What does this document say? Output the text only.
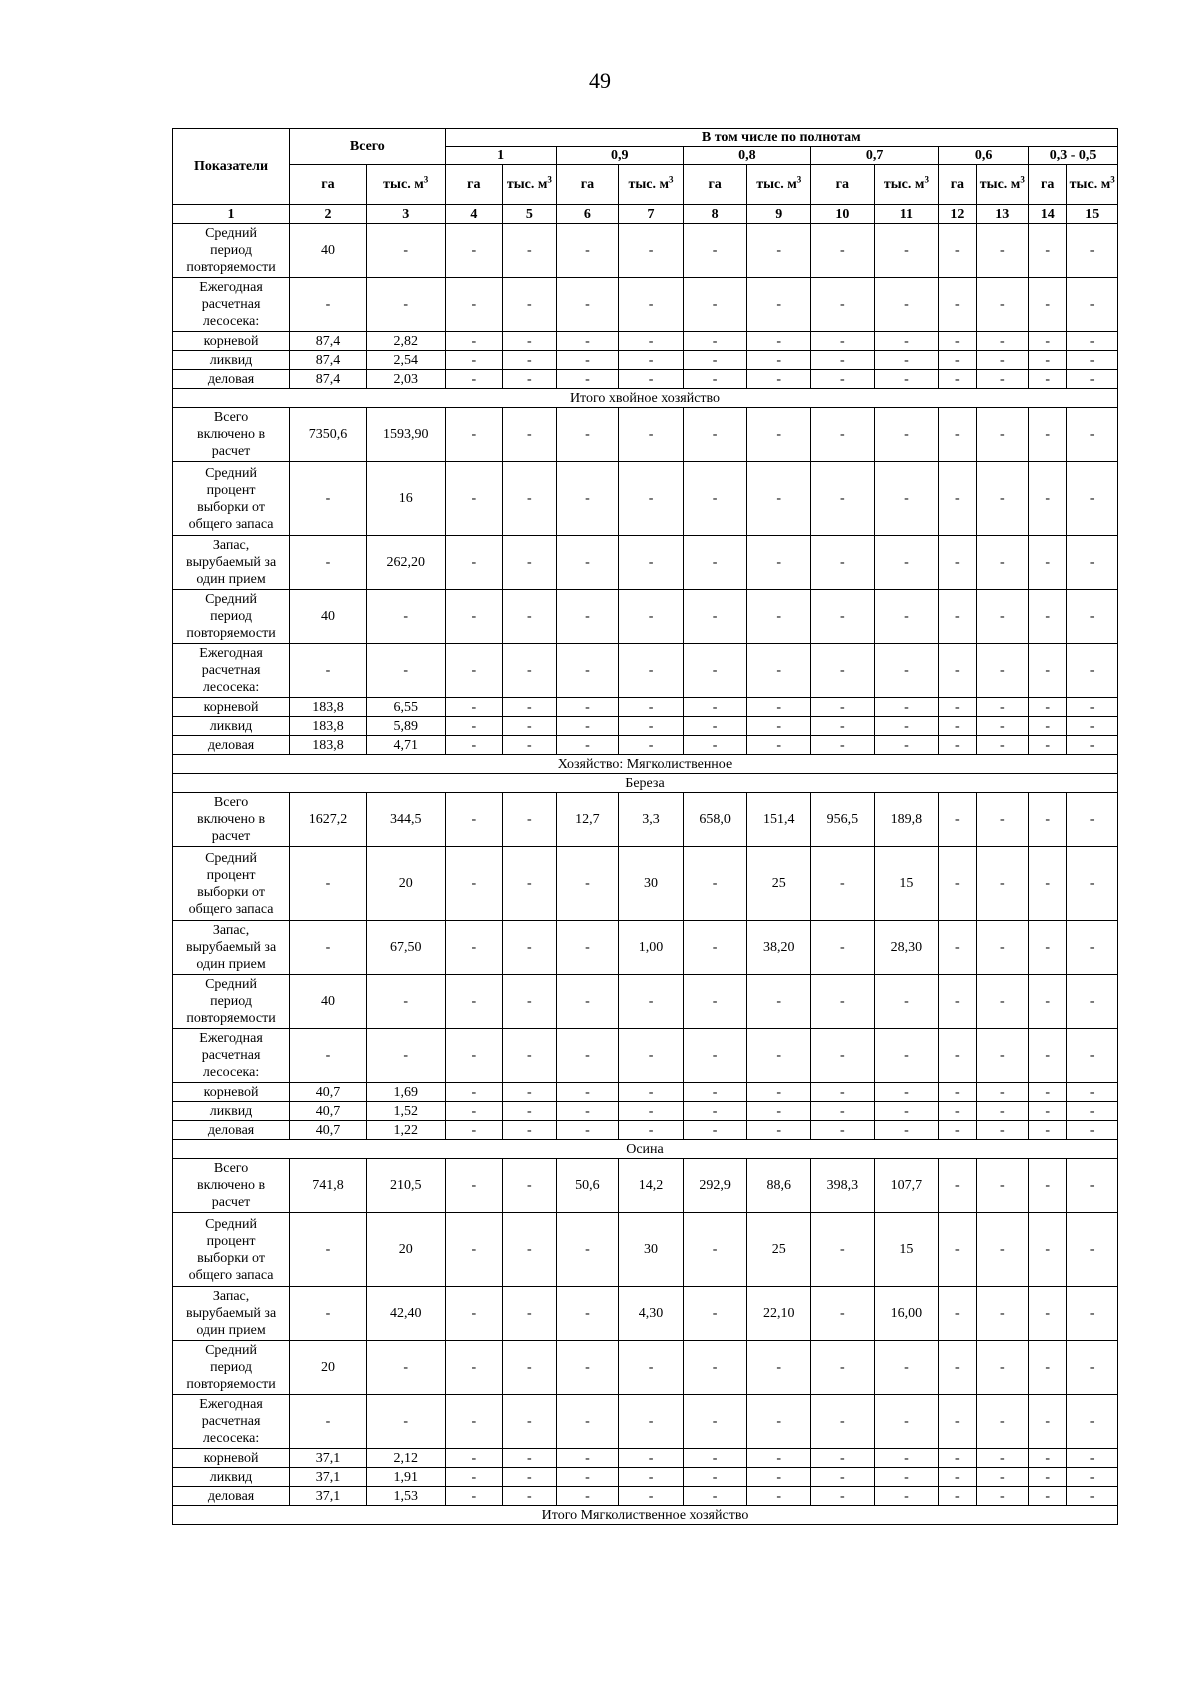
49
Показатели	Всего		В том числе по полнотам											
			1		0,9		0,8		0,7		0,6		0,3 - 0,5	
	га	тыс. $м^3$	га	тыс. $м^3$	га	тыс. $м^3$	га	тыс. $м^3$	га	тыс. $м^3$	га	тыс. $м^3$	га	тыс. $м^3$
1	2	3	4	5	6	7	8	9	10	11	12	13	14	15
Средний
период
повторяемости	40	-	-	-	-	-	-	-	-	-	-	-	-	-
Ежегодная
расчетная
лесосека:	-	-	-	-	-	-	-	-	-	-	-	-	-	-
корневой	87,4	2,82	-	-	-	-	-	-	-	-	-	-	-	-
ликвид	87,4	2,54	-	-	-	-	-	-	-	-	-	-	-	-
деловая	87,4	2,03	-	-	-	-	-	-	-	-	-	-	-	-
Итого хвойное хозяйство														
Всего
включено в
расчет	7350,6	1593,90	-	-	-	-	-	-	-	-	-	-	-	-
Средний
процент
выборки от
общего запаса	-	16	-	-	-	-	-	-	-	-	-	-	-	-
Запас,
вырубаемый за
один прием	-	262,20	-	-	-	-	-	-	-	-	-	-	-	-
Средний
период
повторяемости	40	-	-	-	-	-	-	-	-	-	-	-	-	-
Ежегодная
расчетная
лесосека:	-	-	-	-	-	-	-	-	-	-	-	-	-	-
корневой	183,8	6,55	-	-	-	-	-	-	-	-	-	-	-	-
ликвид	183,8	5,89	-	-	-	-	-	-	-	-	-	-	-	-
деловая	183,8	4,71	-	-	-	-	-	-	-	-	-	-	-	-
Хозяйство: Мягколиственное														
Береза														
Всего
включено в
расчет	1627,2	344,5	-	-	12,7	3,3	658,0	151,4	956,5	189,8	-	-	-	-
Средний
процент
выборки от
общего запаса	-	20	-	-	-	30	-	25	-	15	-	-	-	-
Запас,
вырубаемый за
один прием	-	67,50	-	-	-	1,00	-	38,20	-	28,30	-	-	-	-
Средний
период
повторяемости	40	-	-	-	-	-	-	-	-	-	-	-	-	-
Ежегодная
расчетная
лесосека:	-	-	-	-	-	-	-	-	-	-	-	-	-	-
корневой	40,7	1,69	-	-	-	-	-	-	-	-	-	-	-	-
ликвид	40,7	1,52	-	-	-	-	-	-	-	-	-	-	-	-
деловая	40,7	1,22	-	-	-	-	-	-	-	-	-	-	-	-
Осина														
Всего
включено в
расчет	741,8	210,5	-	-	50,6	14,2	292,9	88,6	398,3	107,7	-	-	-	-
Средний
процент
выборки от
общего запаса	-	20	-	-	-	30	-	25	-	15	-	-	-	-
Запас,
вырубаемый за
один прием	-	42,40	-	-	-	4,30	-	22,10	-	16,00	-	-	-	-
Средний
период
повторяемости	20	-	-	-	-	-	-	-	-	-	-	-	-	-
Ежегодная
расчетная
лесосека:	-	-	-	-	-	-	-	-	-	-	-	-	-	-
корневой	37,1	2,12	-	-	-	-	-	-	-	-	-	-	-	-
ликвид	37,1	1,91	-	-	-	-	-	-	-	-	-	-	-	-
деловая	37,1	1,53	-	-	-	-	-	-	-	-	-	-	-	-
Итого Мягколиственное хозяйство														
